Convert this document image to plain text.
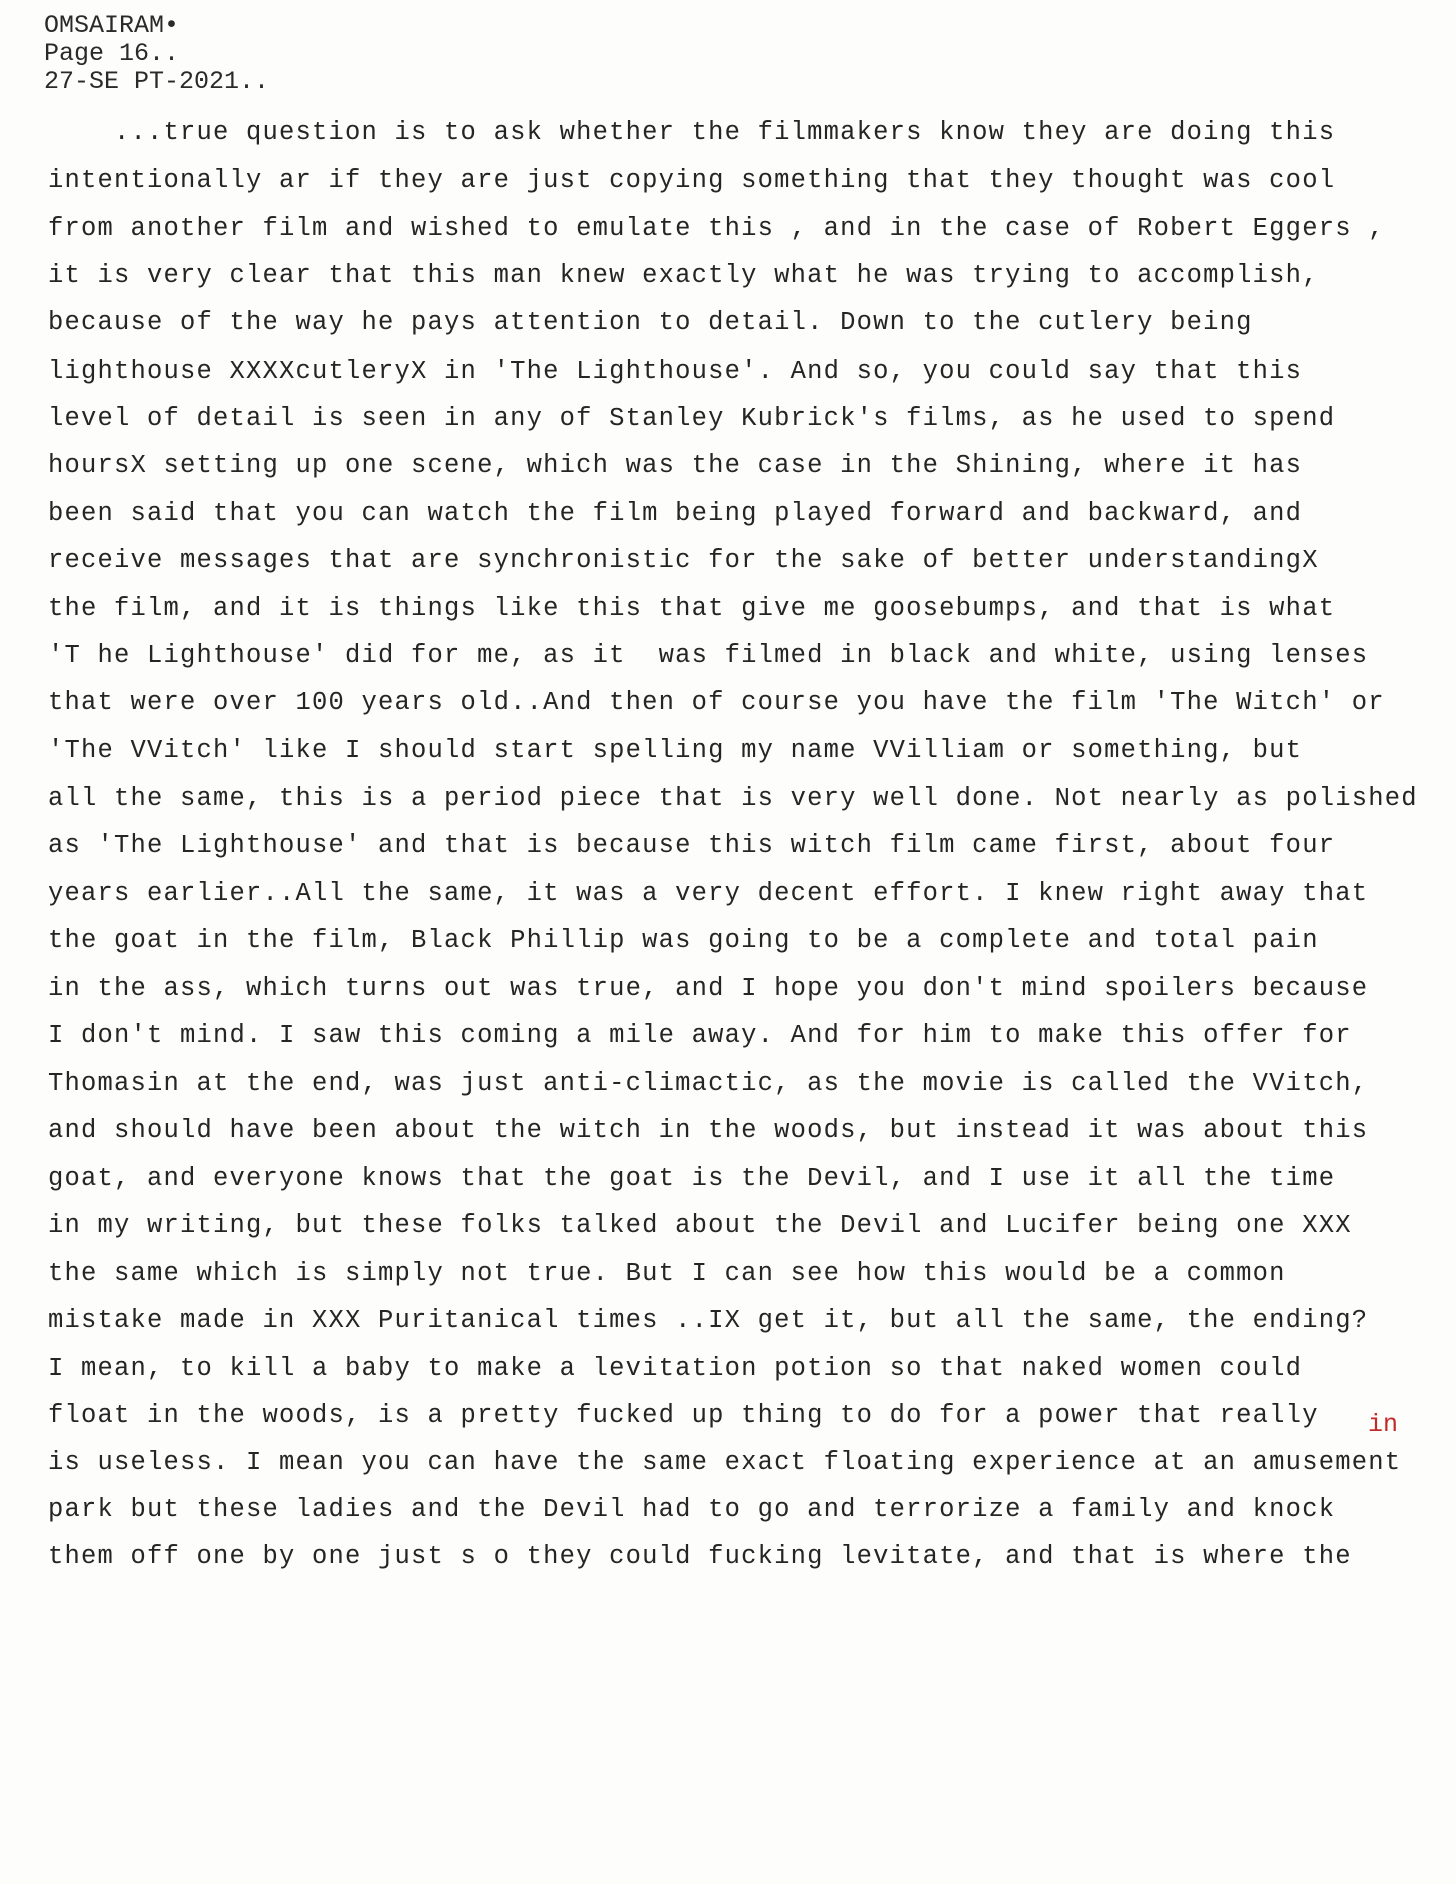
OMSAIRAM•
Page 16..
27-SE PT-2021..
...true question is to ask whether the filmmakers know they are doing this
intentionally ar if they are just copying something that they thought was cool
from another film and wished to emulate this , and in the case of Robert Eggers ,
it is very clear that this man knew exactly what he was trying to accomplish,
because of the way he pays attention to detail. Down to the cutlery being
lighthouse XXXXcutleryX in 'The Lighthouse'. And so, you could say that this
level of detail is seen in any of Stanley Kubrick's films, as he used to spend
hoursX setting up one scene, which was the case in the Shining, where it has
been said that you can watch the film being played forward and backward, and
receive messages that are synchronistic for the sake of better understandingX
the film, and it is things like this that give me goosebumps, and that is what
'T he Lighthouse' did for me, as it  was filmed in black and white, using lenses
that were over 100 years old..And then of course you have the film 'The Witch' or
'The VVitch' like I should start spelling my name VVilliam or something, but
all the same, this is a period piece that is very well done. Not nearly as polished
as 'The Lighthouse' and that is because this witch film came first, about four
years earlier..All the same, it was a very decent effort. I knew right away that
the goat in the film, Black Phillip was going to be a complete and total pain
in the ass, which turns out was true, and I hope you don't mind spoilers because
I don't mind. I saw this coming a mile away. And for him to make this offer for
Thomasin at the end, was just anti-climactic, as the movie is called the VVitch,
and should have been about the witch in the woods, but instead it was about this
goat, and everyone knows that the goat is the Devil, and I use it all the time
in my writing, but these folks talked about the Devil and Lucifer being one XXX
the same which is simply not true. But I can see how this would be a common
mistake made in XXX Puritanical times ..IX get it, but all the same, the ending?
I mean, to kill a baby to make a levitation potion so that naked women could
float in the woods, is a pretty fucked up thing to do for a power that really
is useless. I mean you can have the same exact floating experience at an amusement
park but these ladies and the Devil had to go and terrorize a family and knock
them off one by one just s o they could fucking levitate, and that is where the
in
